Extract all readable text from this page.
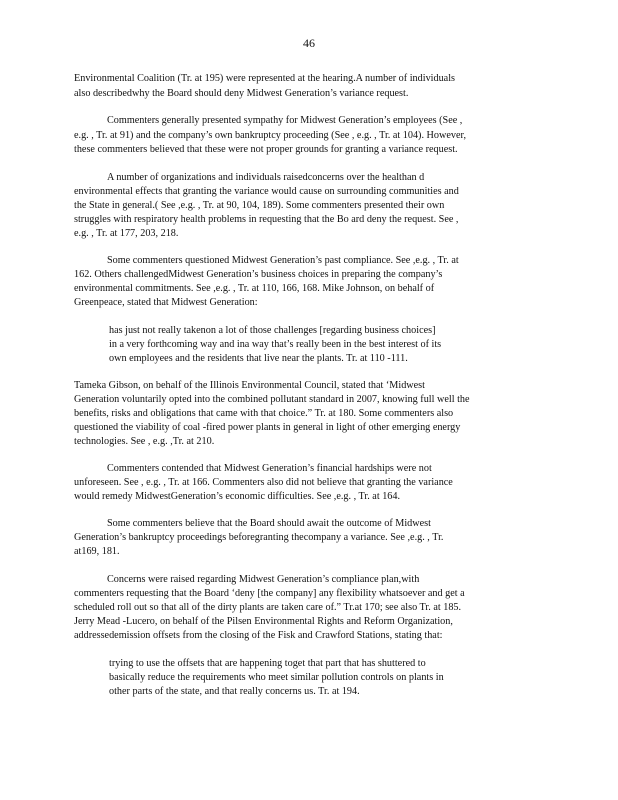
46
Environmental Coalition (Tr. at 195) were represented at the hearing.A number of individuals
also describedwhy the Board should deny Midwest Generation’s variance request.
Commenters generally presented sympathy for Midwest Generation’s employees (See ,
e.g. , Tr. at 91) and the company’s own bankruptcy proceeding (See , e.g. , Tr. at 104). However,
these commenters believed that these were not proper grounds for granting a variance request.
A number of organizations and individuals raisedconcerns over the healthan d
environmental effects that granting the variance would cause on surrounding communities and
the State in general.( See ,e.g. , Tr. at 90, 104, 189). Some commenters presented their own
struggles with respiratory health problems in requesting that the Bo ard deny the request. See ,
e.g. , Tr. at 177, 203, 218.
Some commenters questioned Midwest Generation’s past compliance. See ,e.g. , Tr. at
162. Others challengedMidwest Generation’s business choices in preparing the company’s
environmental commitments. See ,e.g. , Tr. at 110, 166, 168. Mike Johnson, on behalf of
Greenpeace, stated that Midwest Generation:
has just not really takenon a lot of those challenges [regarding business choices]
in a very forthcoming way and ina way that’s really been in the best interest of its
own employees and the residents that live near the plants. Tr. at 110 -111.
Tameka Gibson, on behalf of the Illinois Environmental Council, stated that ‘Midwest
Generation voluntarily opted into the combined pollutant standard in 2007, knowing full well the
benefits, risks and obligations that came with that choice.” Tr. at 180. Some commenters also
questioned the viability of coal -fired power plants in general in light of other emerging energy
technologies. See , e.g. ,Tr. at 210.
Commenters contended that Midwest Generation’s financial hardships were not
unforeseen. See , e.g. , Tr. at 166. Commenters also did not believe that granting the variance
would remedy MidwestGeneration’s economic difficulties. See ,e.g. , Tr. at 164.
Some commenters believe that the Board should await the outcome of Midwest
Generation’s bankruptcy proceedings beforegranting thecompany a variance. See ,e.g. , Tr.
at169, 181.
Concerns were raised regarding Midwest Generation’s compliance plan,with
commenters requesting that the Board ‘deny [the company] any flexibility whatsoever and get a
scheduled roll out so that all of the dirty plants are taken care of.” Tr.at 170; see also Tr. at 185.
Jerry Mead -Lucero, on behalf of the Pilsen Environmental Rights and Reform Organization,
addressedemission offsets from the closing of the Fisk and Crawford Stations, stating that:
trying to use the offsets that are happening toget that part that has shuttered to
basically reduce the requirements who meet similar pollution controls on plants in
other parts of the state, and that really concerns us. Tr. at 194.
